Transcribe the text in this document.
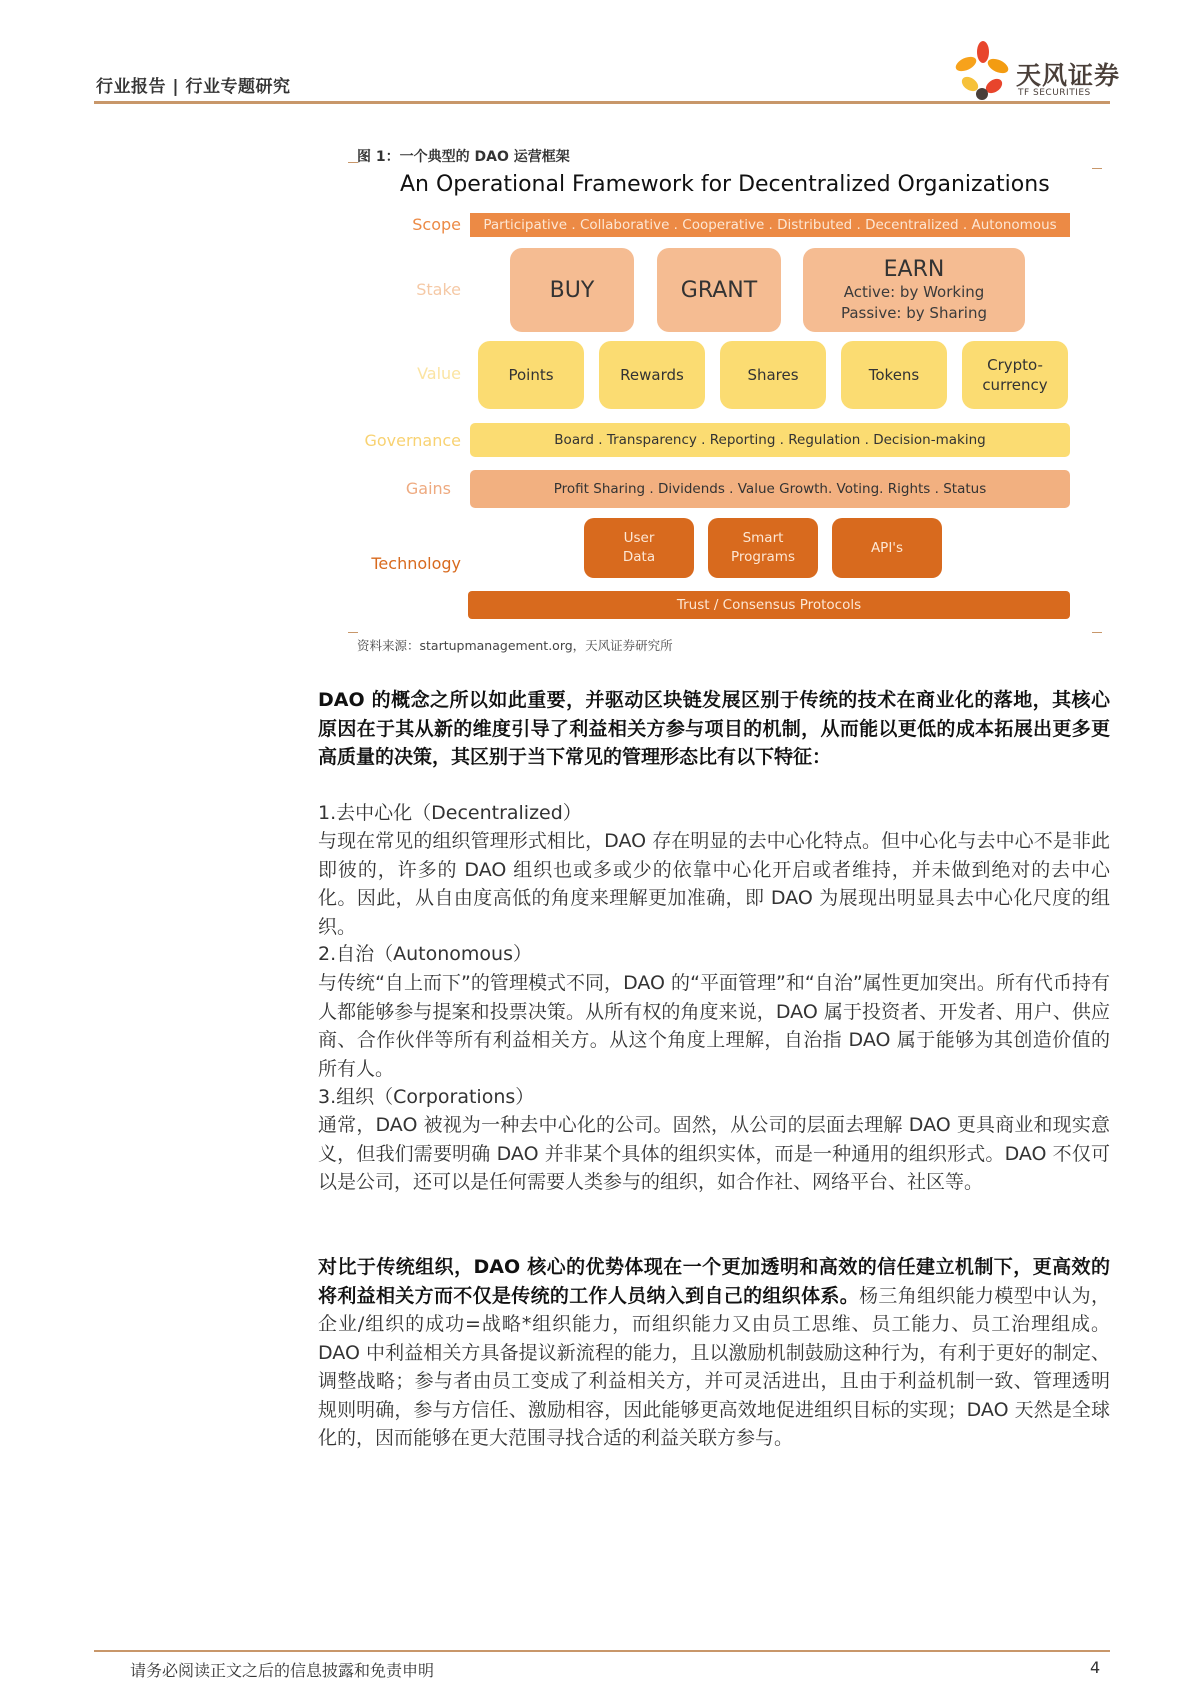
行业报告 | 行业专题研究	天风证券
TF SECURITIES
图 1：一个典型的 DAO 运营框架
An Operational Framework for Decentralized Organizations
Scope	Participative . Collaborative . Cooperative . Distributed . Decentralized . Autonomous
Stake	BUY	GRANT
EARN
Active: by Working
Passive: by Sharing
Value	Points	Rewards	Shares	Tokens
Crypto-
currency
Governance	Board . Transparency . Reporting . Regulation . Decision-making
Gains	Profit Sharing . Dividends . Value Growth. Voting. Rights . Status
Technology
User
Data
Smart
Programs
API's
Trust / Consensus Protocols
资料来源：startupmanagement.org，天风证券研究所
DAO 的概念之所以如此重要，并驱动区块链发展区别于传统的技术在商业化的落地，其核心原因在于其从新的维度引导了利益相关方参与项目的机制，从而能以更低的成本拓展出更多更高质量的决策，其区别于当下常见的管理形态比有以下特征：
1.去中心化（Decentralized）
与现在常见的组织管理形式相比，DAO 存在明显的去中心化特点。但中心化与去中心不是非此即彼的，许多的 DAO 组织也或多或少的依靠中心化开启或者维持，并未做到绝对的去中心化。因此，从自由度高低的角度来理解更加准确，即 DAO 为展现出明显具去中心化尺度的组织。
2.自治（Autonomous）
与传统“自上而下”的管理模式不同，DAO 的“平面管理”和“自治”属性更加突出。所有代币持有人都能够参与提案和投票决策。从所有权的角度来说，DAO 属于投资者、开发者、用户、供应商、合作伙伴等所有利益相关方。从这个角度上理解，自治指 DAO 属于能够为其创造价值的所有人。
3.组织（Corporations）
通常，DAO 被视为一种去中心化的公司。固然，从公司的层面去理解 DAO 更具商业和现实意义，但我们需要明确 DAO 并非某个具体的组织实体，而是一种通用的组织形式。DAO 不仅可以是公司，还可以是任何需要人类参与的组织，如合作社、网络平台、社区等。
对比于传统组织，DAO 核心的优势体现在一个更加透明和高效的信任建立机制下，更高效的将利益相关方而不仅是传统的工作人员纳入到自己的组织体系。杨三角组织能力模型中认为，企业/组织的成功=战略*组织能力，而组织能力又由员工思维、员工能力、员工治理组成。DAO 中利益相关方具备提议新流程的能力，且以激励机制鼓励这种行为，有利于更好的制定、调整战略；参与者由员工变成了利益相关方，并可灵活进出，且由于利益机制一致、管理透明规则明确，参与方信任、激励相容，因此能够更高效地促进组织目标的实现；DAO 天然是全球化的，因而能够在更大范围寻找合适的利益关联方参与。
请务必阅读正文之后的信息披露和免责申明	4
